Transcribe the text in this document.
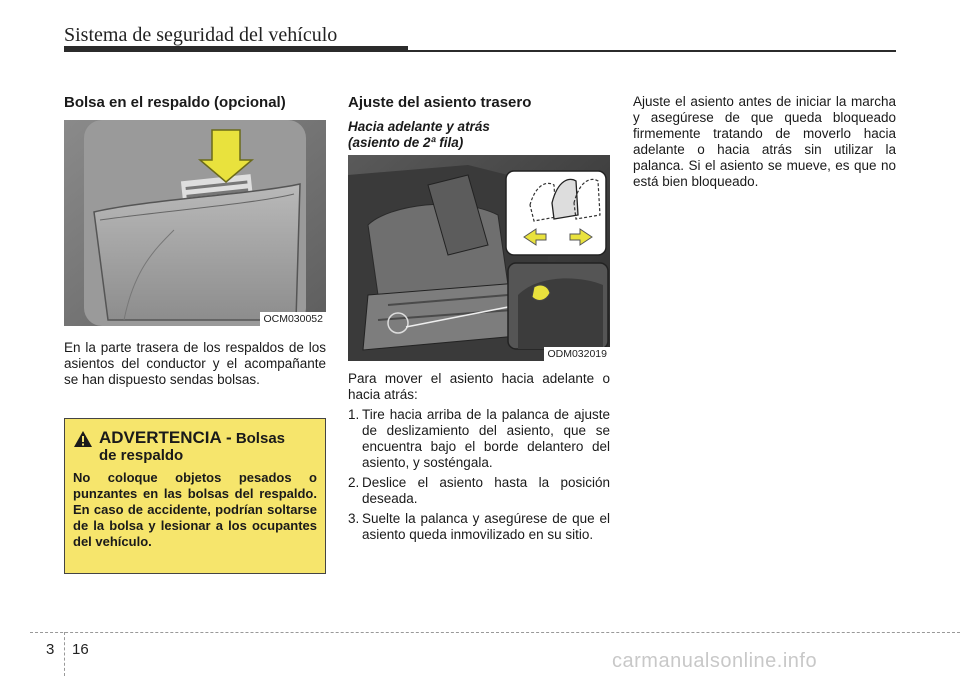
Sistema de seguridad del vehículo
Bolsa en el respaldo (opcional)
OCM030052

En la parte trasera de los respaldos de los asientos del conductor y el acompañante se han dispuesto sendas bolsas.

ADVERTENCIA - Bolsas
de respaldo
No coloque objetos pesados o punzantes en las bolsas del respaldo. En caso de accidente, podrían soltarse de la bolsa y lesionar a los ocupantes del vehículo.
Ajuste del asiento trasero

Hacia adelante y atrás

(asiento de 2ª fila)

ODM032019

Para mover el asiento hacia adelante o hacia atrás:

1. Tire hacia arriba de la palanca de ajuste de deslizamiento del asiento, que se encuentra bajo el borde delantero del asiento, y sosténgala.
2. Deslice el asiento hasta la posición deseada.
3. Suelte la palanca y asegúrese de que el asiento queda inmovilizado en su sitio.

Ajuste el asiento antes de iniciar la marcha y asegúrese de que queda bloqueado firmemente tratando de moverlo hacia adelante o hacia atrás sin utilizar la palanca. Si el asiento se mueve, es que no está bien bloqueado.

3 16
carmanualsonline.info
